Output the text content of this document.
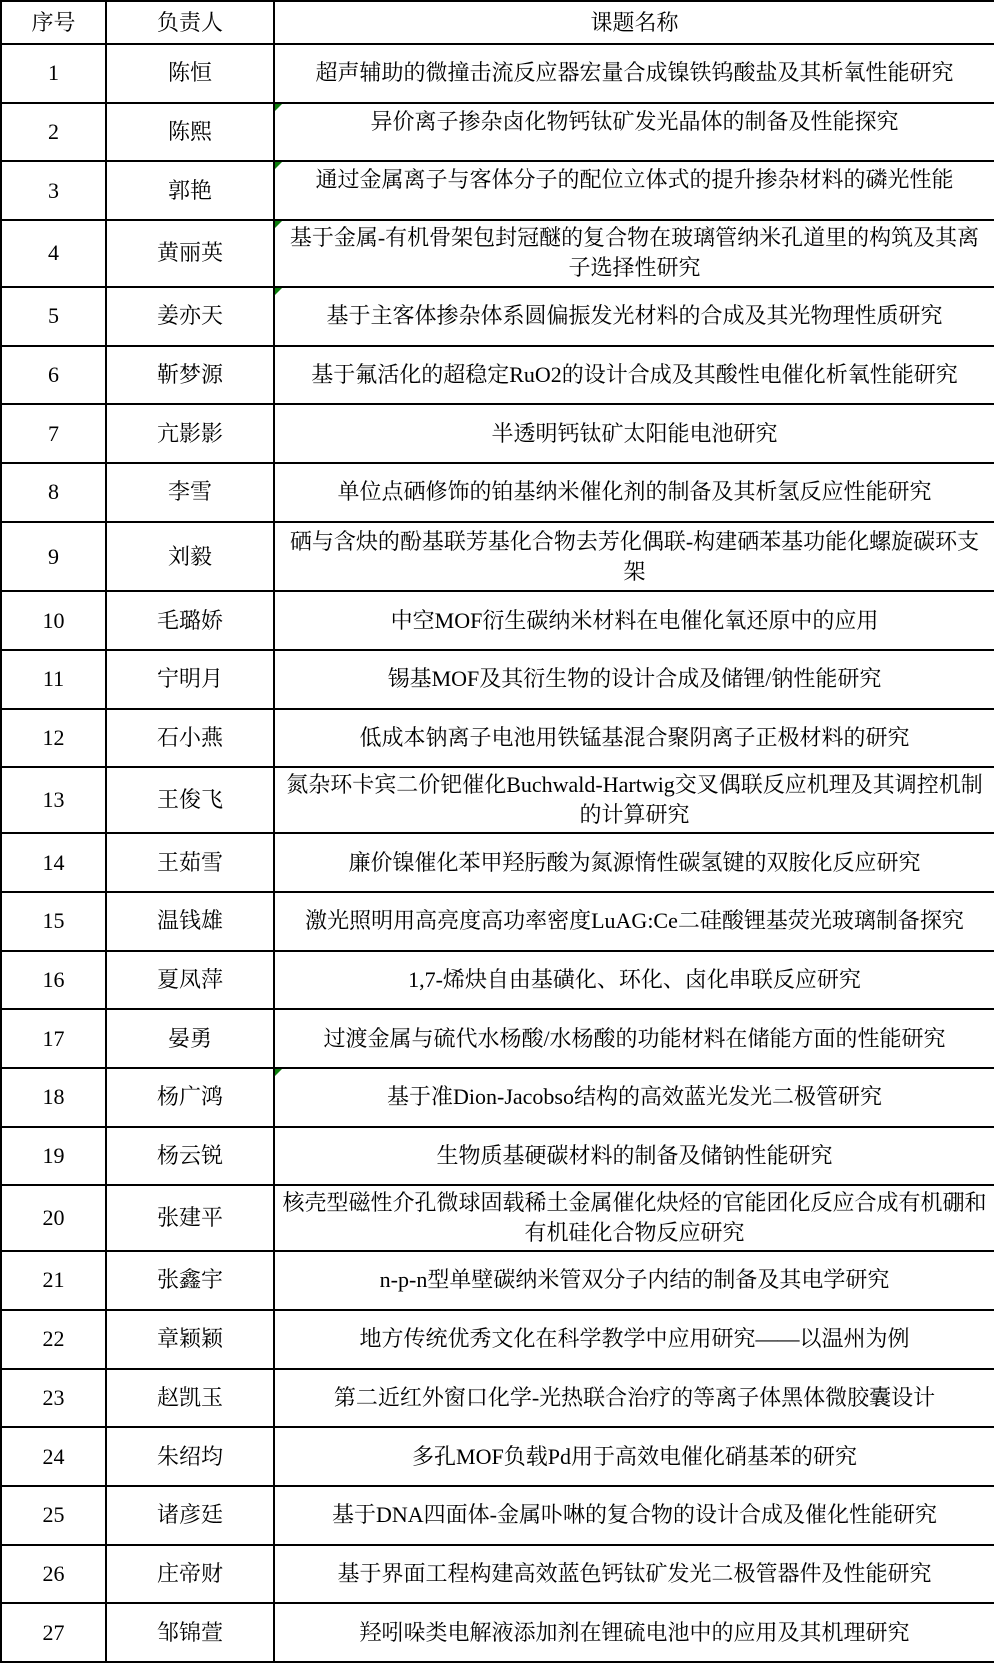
序号	负责人	课题名称
1	陈恒	超声辅助的微撞击流反应器宏量合成镍铁钨酸盐及其析氧性能研究
2	陈熙	异价离子掺杂卤化物钙钛矿发光晶体的制备及性能探究
3	郭艳	通过金属离子与客体分子的配位立体式的提升掺杂材料的磷光性能
4	黄丽英	基于金属-有机骨架包封冠醚的复合物在玻璃管纳米孔道里的构筑及其离子选择性研究
5	姜亦天	基于主客体掺杂体系圆偏振发光材料的合成及其光物理性质研究
6	靳梦源	基于氟活化的超稳定RuO2的设计合成及其酸性电催化析氧性能研究
7	亢影影	半透明钙钛矿太阳能电池研究
8	李雪	单位点硒修饰的铂基纳米催化剂的制备及其析氢反应性能研究
9	刘毅	硒与含炔的酚基联芳基化合物去芳化偶联-构建硒苯基功能化螺旋碳环支架
10	毛璐娇	中空MOF衍生碳纳米材料在电催化氧还原中的应用
11	宁明月	锡基MOF及其衍生物的设计合成及储锂/钠性能研究
12	石小燕	低成本钠离子电池用铁锰基混合聚阴离子正极材料的研究
13	王俊飞	氮杂环卡宾二价钯催化Buchwald-Hartwig交叉偶联反应机理及其调控机制的计算研究
14	王茹雪	廉价镍催化苯甲羟肟酸为氮源惰性碳氢键的双胺化反应研究
15	温钱雄	激光照明用高亮度高功率密度LuAG:Ce二硅酸锂基荧光玻璃制备探究
16	夏凤萍	1,7-烯炔自由基磺化、环化、卤化串联反应研究
17	晏勇	过渡金属与硫代水杨酸/水杨酸的功能材料在储能方面的性能研究
18	杨广鸿	基于准Dion-Jacobso结构的高效蓝光发光二极管研究
19	杨云锐	生物质基硬碳材料的制备及储钠性能研究
20	张建平	核壳型磁性介孔微球固载稀土金属催化炔烃的官能团化反应合成有机硼和有机硅化合物反应研究
21	张鑫宇	n-p-n型单壁碳纳米管双分子内结的制备及其电学研究
22	章颖颖	地方传统优秀文化在科学教学中应用研究——以温州为例
23	赵凯玉	第二近红外窗口化学-光热联合治疗的等离子体黑体微胶囊设计
24	朱绍均	多孔MOF负载Pd用于高效电催化硝基苯的研究
25	诸彦廷	基于DNA四面体-金属卟啉的复合物的设计合成及催化性能研究
26	庄帝财	基于界面工程构建高效蓝色钙钛矿发光二极管器件及性能研究
27	邹锦萱	羟吲哚类电解液添加剂在锂硫电池中的应用及其机理研究
